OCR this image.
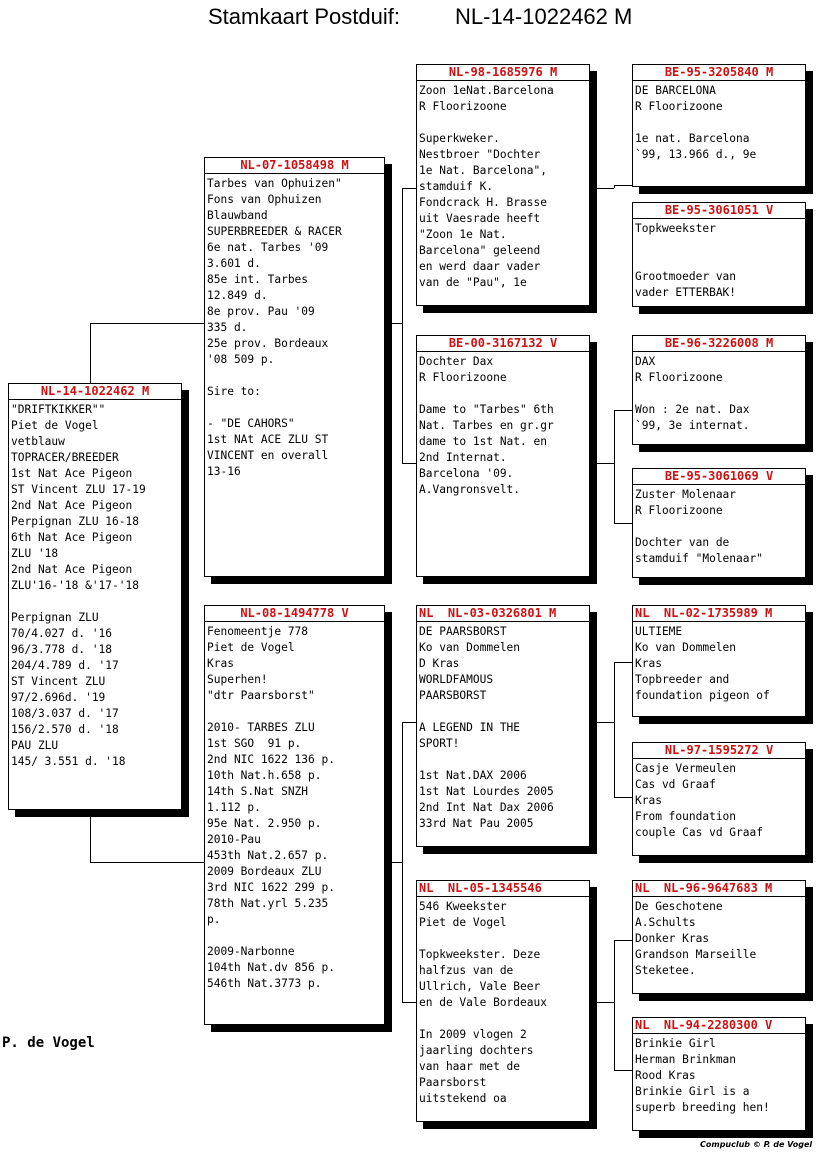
Stamkaart Postduif:	NL-14-1022462 M
NL-14-1022462 M
"DRIFTKIKKER""
Piet de Vogel
vetblauw
TOPRACER/BREEDER
1st Nat Ace Pigeon
ST Vincent ZLU 17-19
2nd Nat Ace Pigeon
Perpignan ZLU 16-18
6th Nat Ace Pigeon
ZLU '18
2nd Nat Ace Pigeon
ZLU'16-'18 &'17-'18

Perpignan ZLU
70/4.027 d. '16
96/3.778 d. '18
204/4.789 d. '17
ST Vincent ZLU
97/2.696d. '19
108/3.037 d. '17
156/2.570 d. '18
PAU ZLU
145/ 3.551 d. '18
NL-07-1058498 M
Tarbes van Ophuizen"
Fons van Ophuizen
Blauwband
SUPERBREEDER & RACER
6e nat. Tarbes '09
3.601 d.
85e int. Tarbes
12.849 d.
8e prov. Pau '09
335 d.
25e prov. Bordeaux
'08 509 p.

Sire to:

- "DE CAHORS"
1st NAt ACE ZLU ST
VINCENT en overall
13-16
NL-08-1494778 V
Fenomeentje 778
Piet de Vogel
Kras
Superhen!
"dtr Paarsborst"

2010- TARBES ZLU
1st SGO  91 p.
2nd NIC 1622 136 p.
10th Nat.h.658 p.
14th S.Nat SNZH
1.112 p.
95e Nat. 2.950 p.
2010-Pau
453th Nat.2.657 p.
2009 Bordeaux ZLU
3rd NIC 1622 299 p.
78th Nat.yrl 5.235
p.

2009-Narbonne
104th Nat.dv 856 p.
546th Nat.3773 p.
NL-98-1685976 M
Zoon 1eNat.Barcelona
R Floorizoone

Superkweker.
Nestbroer "Dochter
1e Nat. Barcelona",
stamduif K.
Fondcrack H. Brasse
uit Vaesrade heeft
"Zoon 1e Nat.
Barcelona" geleend
en werd daar vader
van de "Pau", 1e
BE-00-3167132 V
Dochter Dax
R Floorizoone

Dame to "Tarbes" 6th
Nat. Tarbes en gr.gr
dame to 1st Nat. en
2nd Internat.
Barcelona '09.
A.Vangronsvelt.
NL  NL-03-0326801 M
DE PAARSBORST
Ko van Dommelen
D Kras
WORLDFAMOUS
PAARSBORST

A LEGEND IN THE
SPORT!

1st Nat.DAX 2006
1st Nat Lourdes 2005
2nd Int Nat Dax 2006
33rd Nat Pau 2005
NL  NL-05-1345546
546 Kweekster
Piet de Vogel

Topkweekster. Deze
halfzus van de
Ullrich, Vale Beer
en de Vale Bordeaux

In 2009 vlogen 2
jaarling dochters
van haar met de
Paarsborst
uitstekend oa
BE-95-3205840 M
DE BARCELONA
R Floorizoone

1e nat. Barcelona
`99, 13.966 d., 9e
BE-95-3061051 V
Topkweekster

Grootmoeder van
vader ETTERBAK!
BE-96-3226008 M
DAX
R Floorizoone

Won : 2e nat. Dax
`99, 3e internat.
BE-95-3061069 V
Zuster Molenaar
R Floorizoone

Dochter van de
stamduif "Molenaar"
NL  NL-02-1735989 M
ULTIEME
Ko van Dommelen
Kras
Topbreeder and
foundation pigeon of
NL-97-1595272 V
Casje Vermeulen
Cas vd Graaf
Kras
From foundation
couple Cas vd Graaf
NL  NL-96-9647683 M
De Geschotene
A.Schults
Donker Kras
Grandson Marseille
Steketee.
NL  NL-94-2280300 V
Brinkie Girl
Herman Brinkman
Rood Kras
Brinkie Girl is a
superb breeding hen!
P. de Vogel
Compuclub © P. de Vogel
